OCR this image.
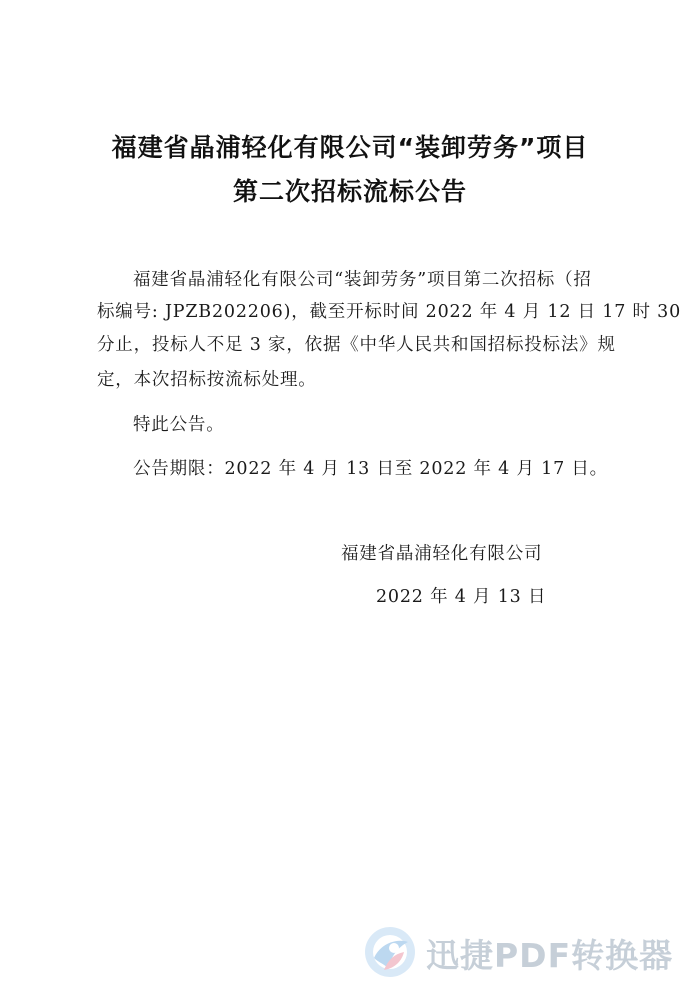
福建省晶浦轻化有限公司“装卸劳务”项目
第二次招标流标公告
福建省晶浦轻化有限公司“装卸劳务”项目第二次招标（招
标编号: JPZB202206)，截至开标时间 2022 年 4 月 12 日 17 时 30
分止，投标人不足 3 家，依据《中华人民共和国招标投标法》规
定，本次招标按流标处理。
特此公告。
公告期限：2022 年 4 月 13 日至 2022 年 4 月 17 日。
福建省晶浦轻化有限公司
2022 年 4 月 13 日
迅捷PDF转换器
